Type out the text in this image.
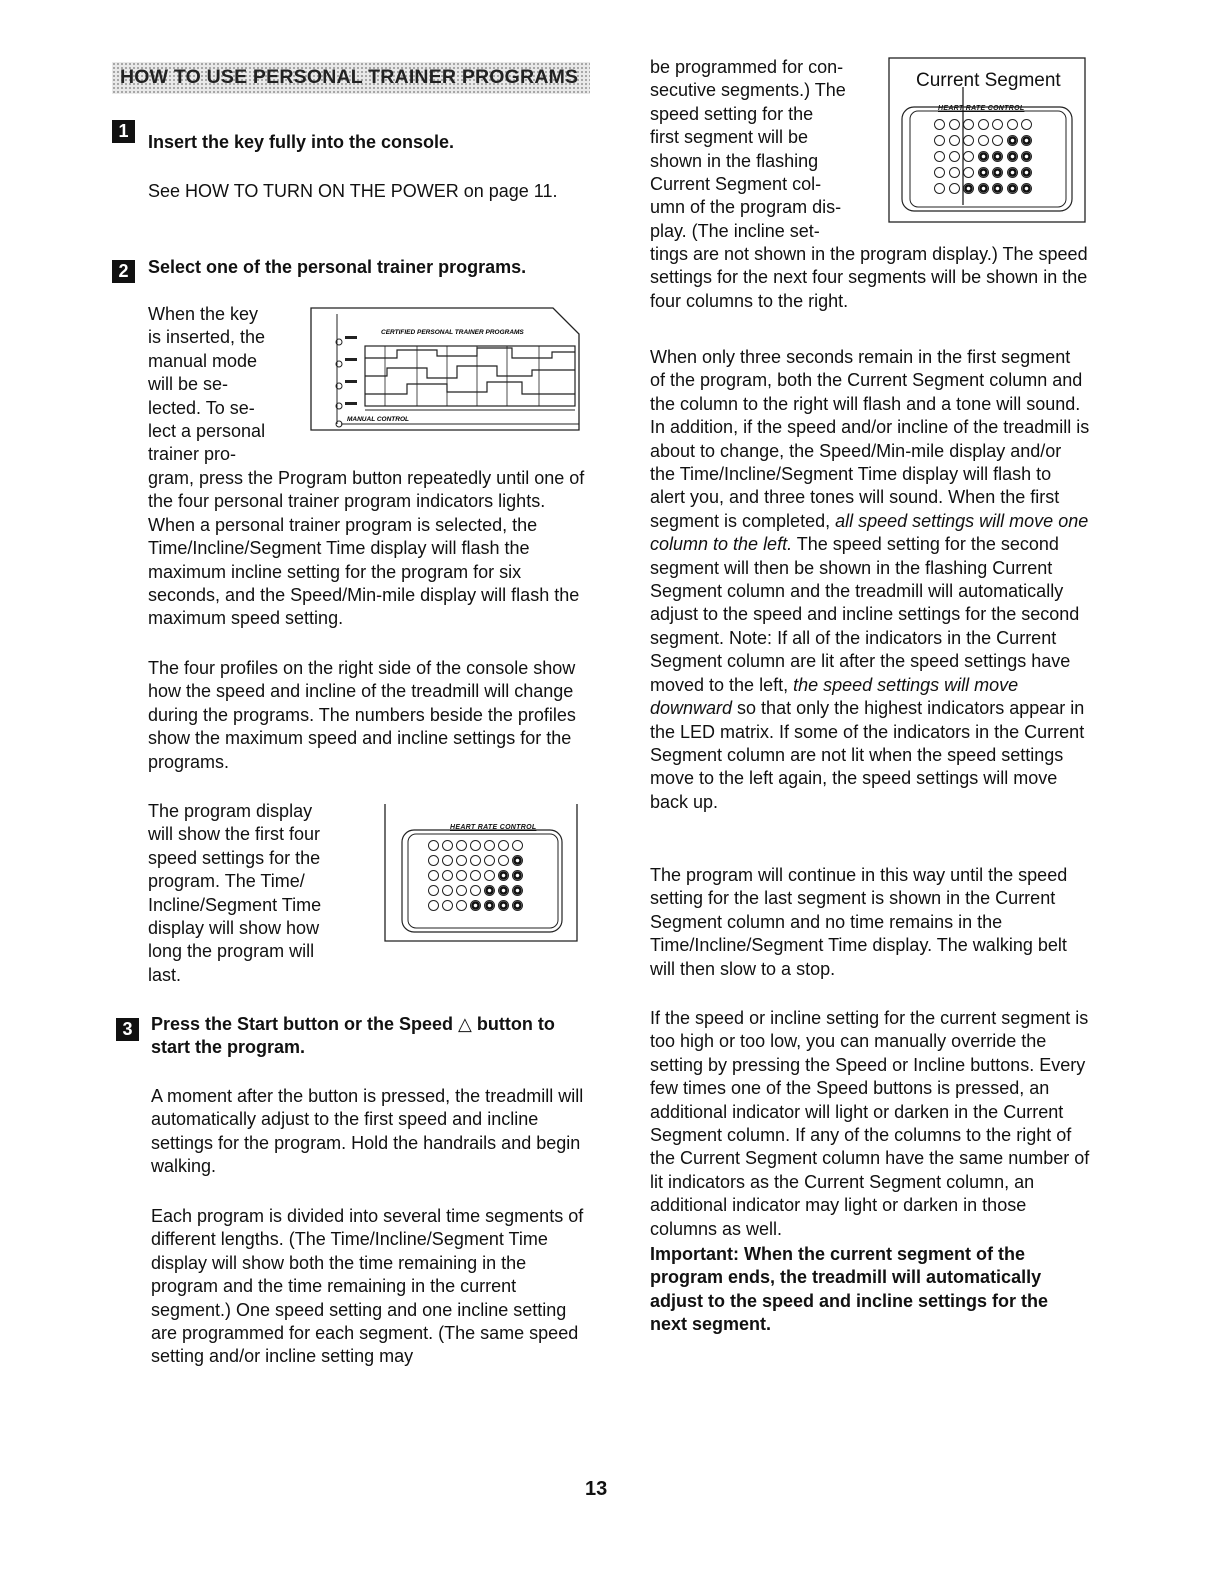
HOW TO USE PERSONAL TRAINER PROGRAMS
1
Insert the key fully into the console.

See HOW TO TURN ON THE POWER on page 11.

2	Select one of the personal trainer programs.
When the key
is inserted, the
manual mode
will be se-
lected. To se-
lect a personal
trainer pro-

gram, press the Program button repeatedly until one of the four personal trainer program indicators lights. When a personal trainer program is selected, the Time/Incline/Segment Time display will flash the maximum incline setting for the program for six seconds, and the Speed/Min-mile display will flash the maximum speed setting.

The four profiles on the right side of the console show how the speed and incline of the treadmill will change during the programs. The numbers beside the profiles show the maximum speed and incline settings for the programs.

CERTIFIED PERSONAL TRAINER PROGRAMS
MANUAL CONTROL
The program display
will show the first four
speed settings for the
program. The Time/
Incline/Segment Time
display will show how
long the program will
last.
HEART RATE CONTROL
3	Press the Start button or the Speed △ button to
start the program.

A moment after the button is pressed, the treadmill will automatically adjust to the first speed and incline settings for the program. Hold the handrails and begin walking.

Each program is divided into several time segments of different lengths. (The Time/Incline/Segment Time display will show both the time remaining in the program and the time remaining in the current segment.) One speed setting and one incline setting are programmed for each segment. (The same speed setting and/or incline setting may

be programmed for con-
secutive segments.) The
speed setting for the
first segment will be
shown in the flashing
Current Segment col-
umn of the program dis-
play. (The incline set-
Current Segment
HEART RATE CONTROL

tings are not shown in the program display.) The speed settings for the next four segments will be shown in the four columns to the right.

When only three seconds remain in the first segment of the program, both the Current Segment column and the column to the right will flash and a tone will sound. In addition, if the speed and/or incline of the treadmill is about to change, the Speed/Min-mile display and/or the Time/Incline/Segment Time display will flash to alert you, and three tones will sound. When the first segment is completed, all speed settings will move one column to the left. The speed setting for the second segment will then be shown in the flashing Current Segment column and the treadmill will automatically adjust to the speed and incline settings for the second segment. Note: If all of the indicators in the Current Segment column are lit after the speed settings have moved to the left, the speed settings will move downward so that only the highest indicators appear in the LED matrix. If some of the indicators in the Current Segment column are not lit when the speed settings move to the left again, the speed settings will move back up.

The program will continue in this way until the speed setting for the last segment is shown in the Current Segment column and no time remains in the Time/Incline/Segment Time display. The walking belt will then slow to a stop.

If the speed or incline setting for the current segment is too high or too low, you can manually override the setting by pressing the Speed or Incline buttons. Every few times one of the Speed buttons is pressed, an additional indicator will light or darken in the Current Segment column. If any of the columns to the right of the Current Segment column have the same number of lit indicators as the Current Segment column, an additional indicator may light or darken in those columns as well.

Important: When the current segment of the program ends, the treadmill will automatically adjust to the speed and incline settings for the next segment.

13
